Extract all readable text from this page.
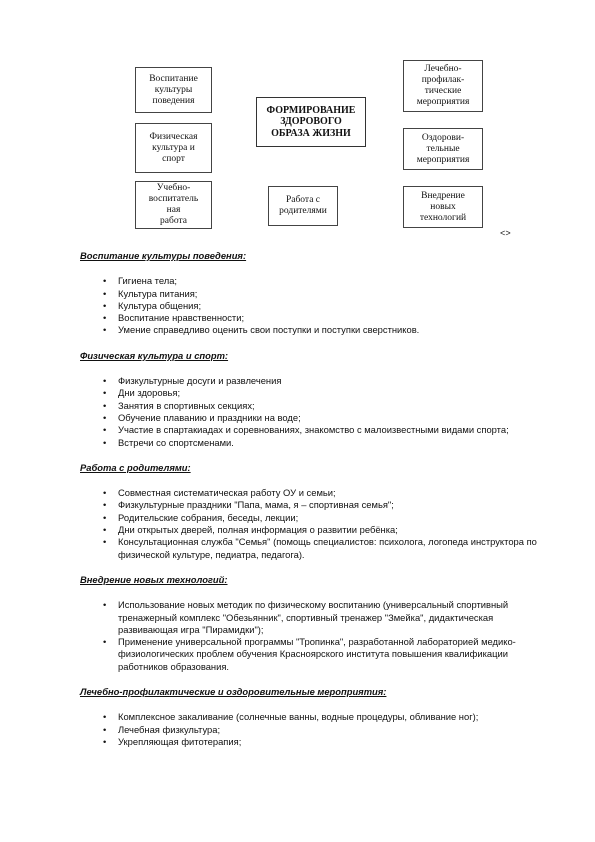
Воспитание
культуры
поведения
Физическая
культура и
спорт
Учебно-
воспитатель
ная
работа
ФОРМИРОВАНИЕ
ЗДОРОВОГО
ОБРАЗА ЖИЗНИ
Работа с
родителями
Лечебно-
профилак-
тические
мероприятия
Оздорови-
тельные
мероприятия
Внедрение
новых
технологий
<>

Воспитание культуры поведения:

• Гигиена тела;
• Культура питания;
• Культура общения;
• Воспитание нравственности;
• Умение справедливо оценить свои поступки и поступки сверстников.

Физическая культура и спорт:

• Физкультурные досуги и развлечения
• Дни здоровья;
• Занятия в спортивных секциях;
• Обучение плаванию и праздники на воде;
• Участие в спартакиадах и соревнованиях, знакомство с малоизвестными видами спорта;
• Встречи со спортсменами.

Работа с родителями:

• Совместная систематическая работу ОУ и семьи;
• Физкультурные праздники "Папа, мама, я – спортивная семья";
• Родительские собрания, беседы, лекции;
• Дни открытых дверей, полная информация о развитии ребёнка;
• Консультационная служба "Семья" (помощь специалистов: психолога, логопеда инструктора по физической культуре, педиатра, педагога).

Внедрение новых технологий:

• Использование новых методик по физическому воспитанию (универсальный спортивный тренажерный комплекс "Обезьянник", спортивный тренажер "Змейка", дидактическая развивающая игра "Пирамидки");
• Применение универсальной программы "Тропинка", разработанной лабораторией медико-физиологических проблем обучения Красноярского института повышения квалификации работников образования.

Лечебно-профилактические и оздоровительные мероприятия:

• Комплексное закаливание (солнечные ванны, водные процедуры, обливание ног);
• Лечебная физкультура;
• Укрепляющая фитотерапия;
